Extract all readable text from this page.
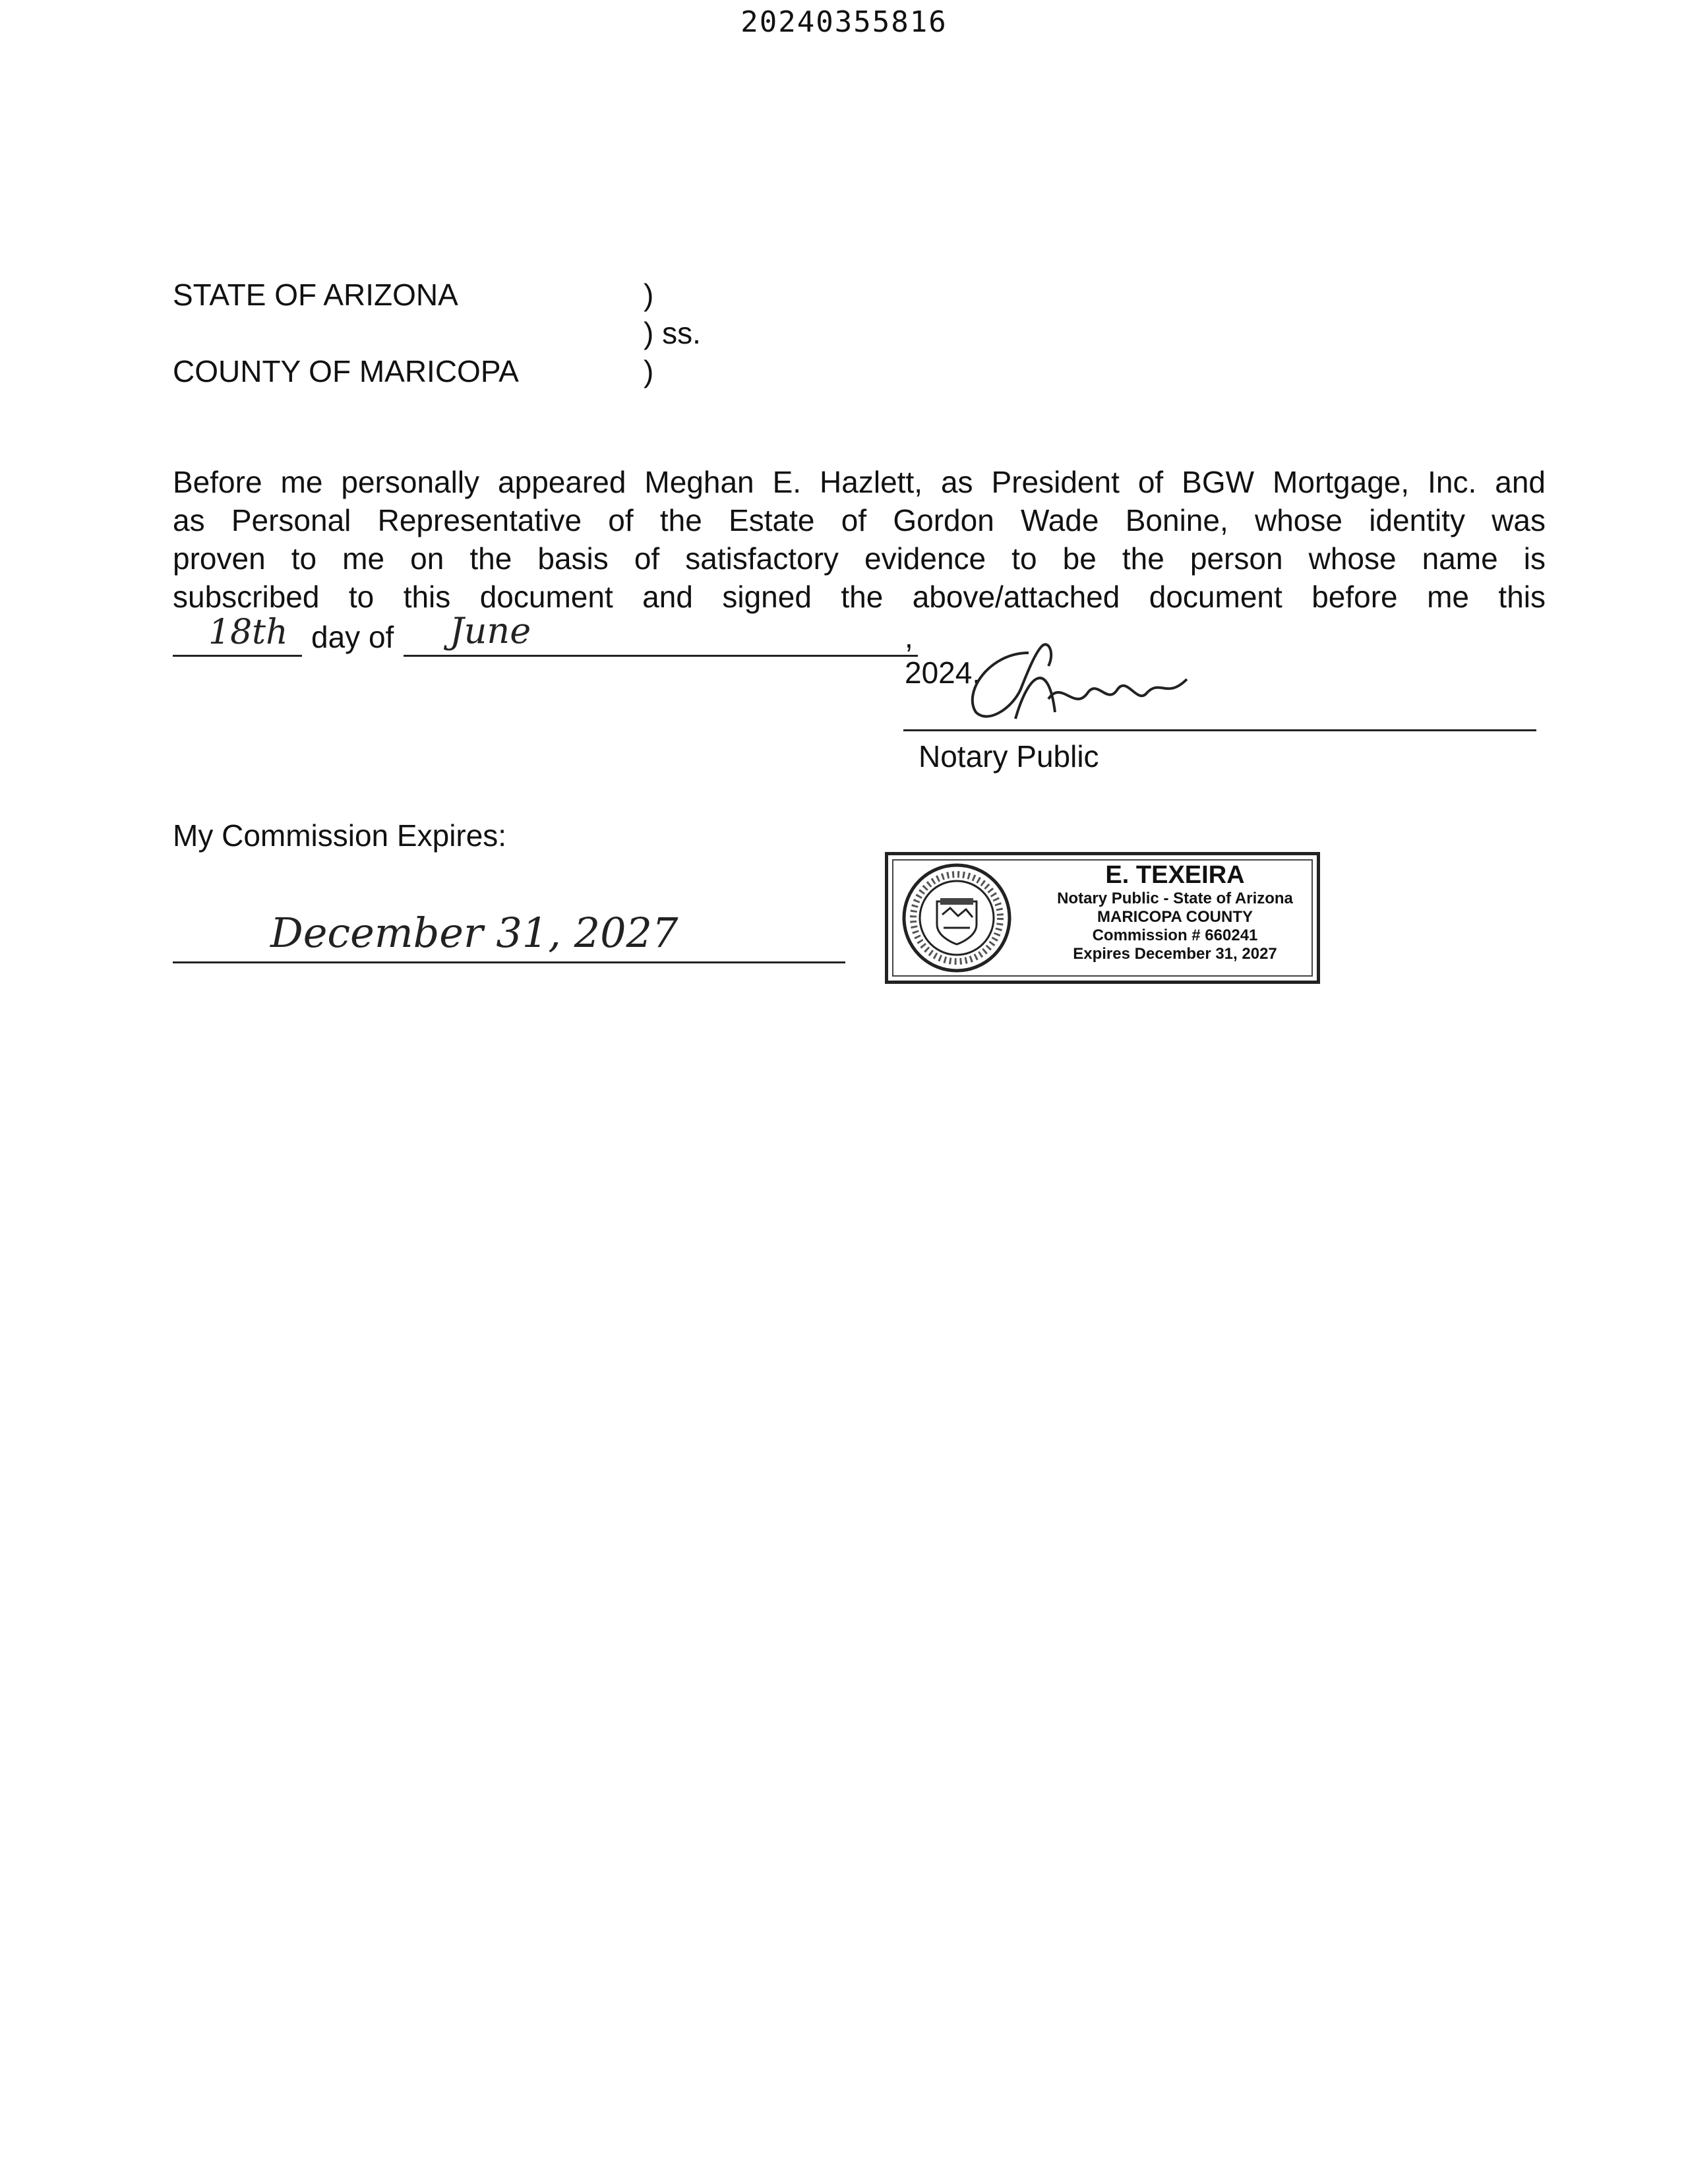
20240355816
STATE OF ARIZONA	)
) ss.
COUNTY OF MARICOPA	)
Before me personally appeared Meghan E. Hazlett, as President of BGW Mortgage, Inc. and
as Personal Representative of the Estate of Gordon Wade Bonine, whose identity was
proven to me on the basis of satisfactory evidence to be the person whose name is
subscribed to this document and signed the above/attached document before me this
18th day of June	, 2024.
Notary Public
My Commission Expires:
December 31, 2027
E. TEXEIRA
Notary Public - State of Arizona
MARICOPA COUNTY
Commission # 660241
Expires December 31, 2027
